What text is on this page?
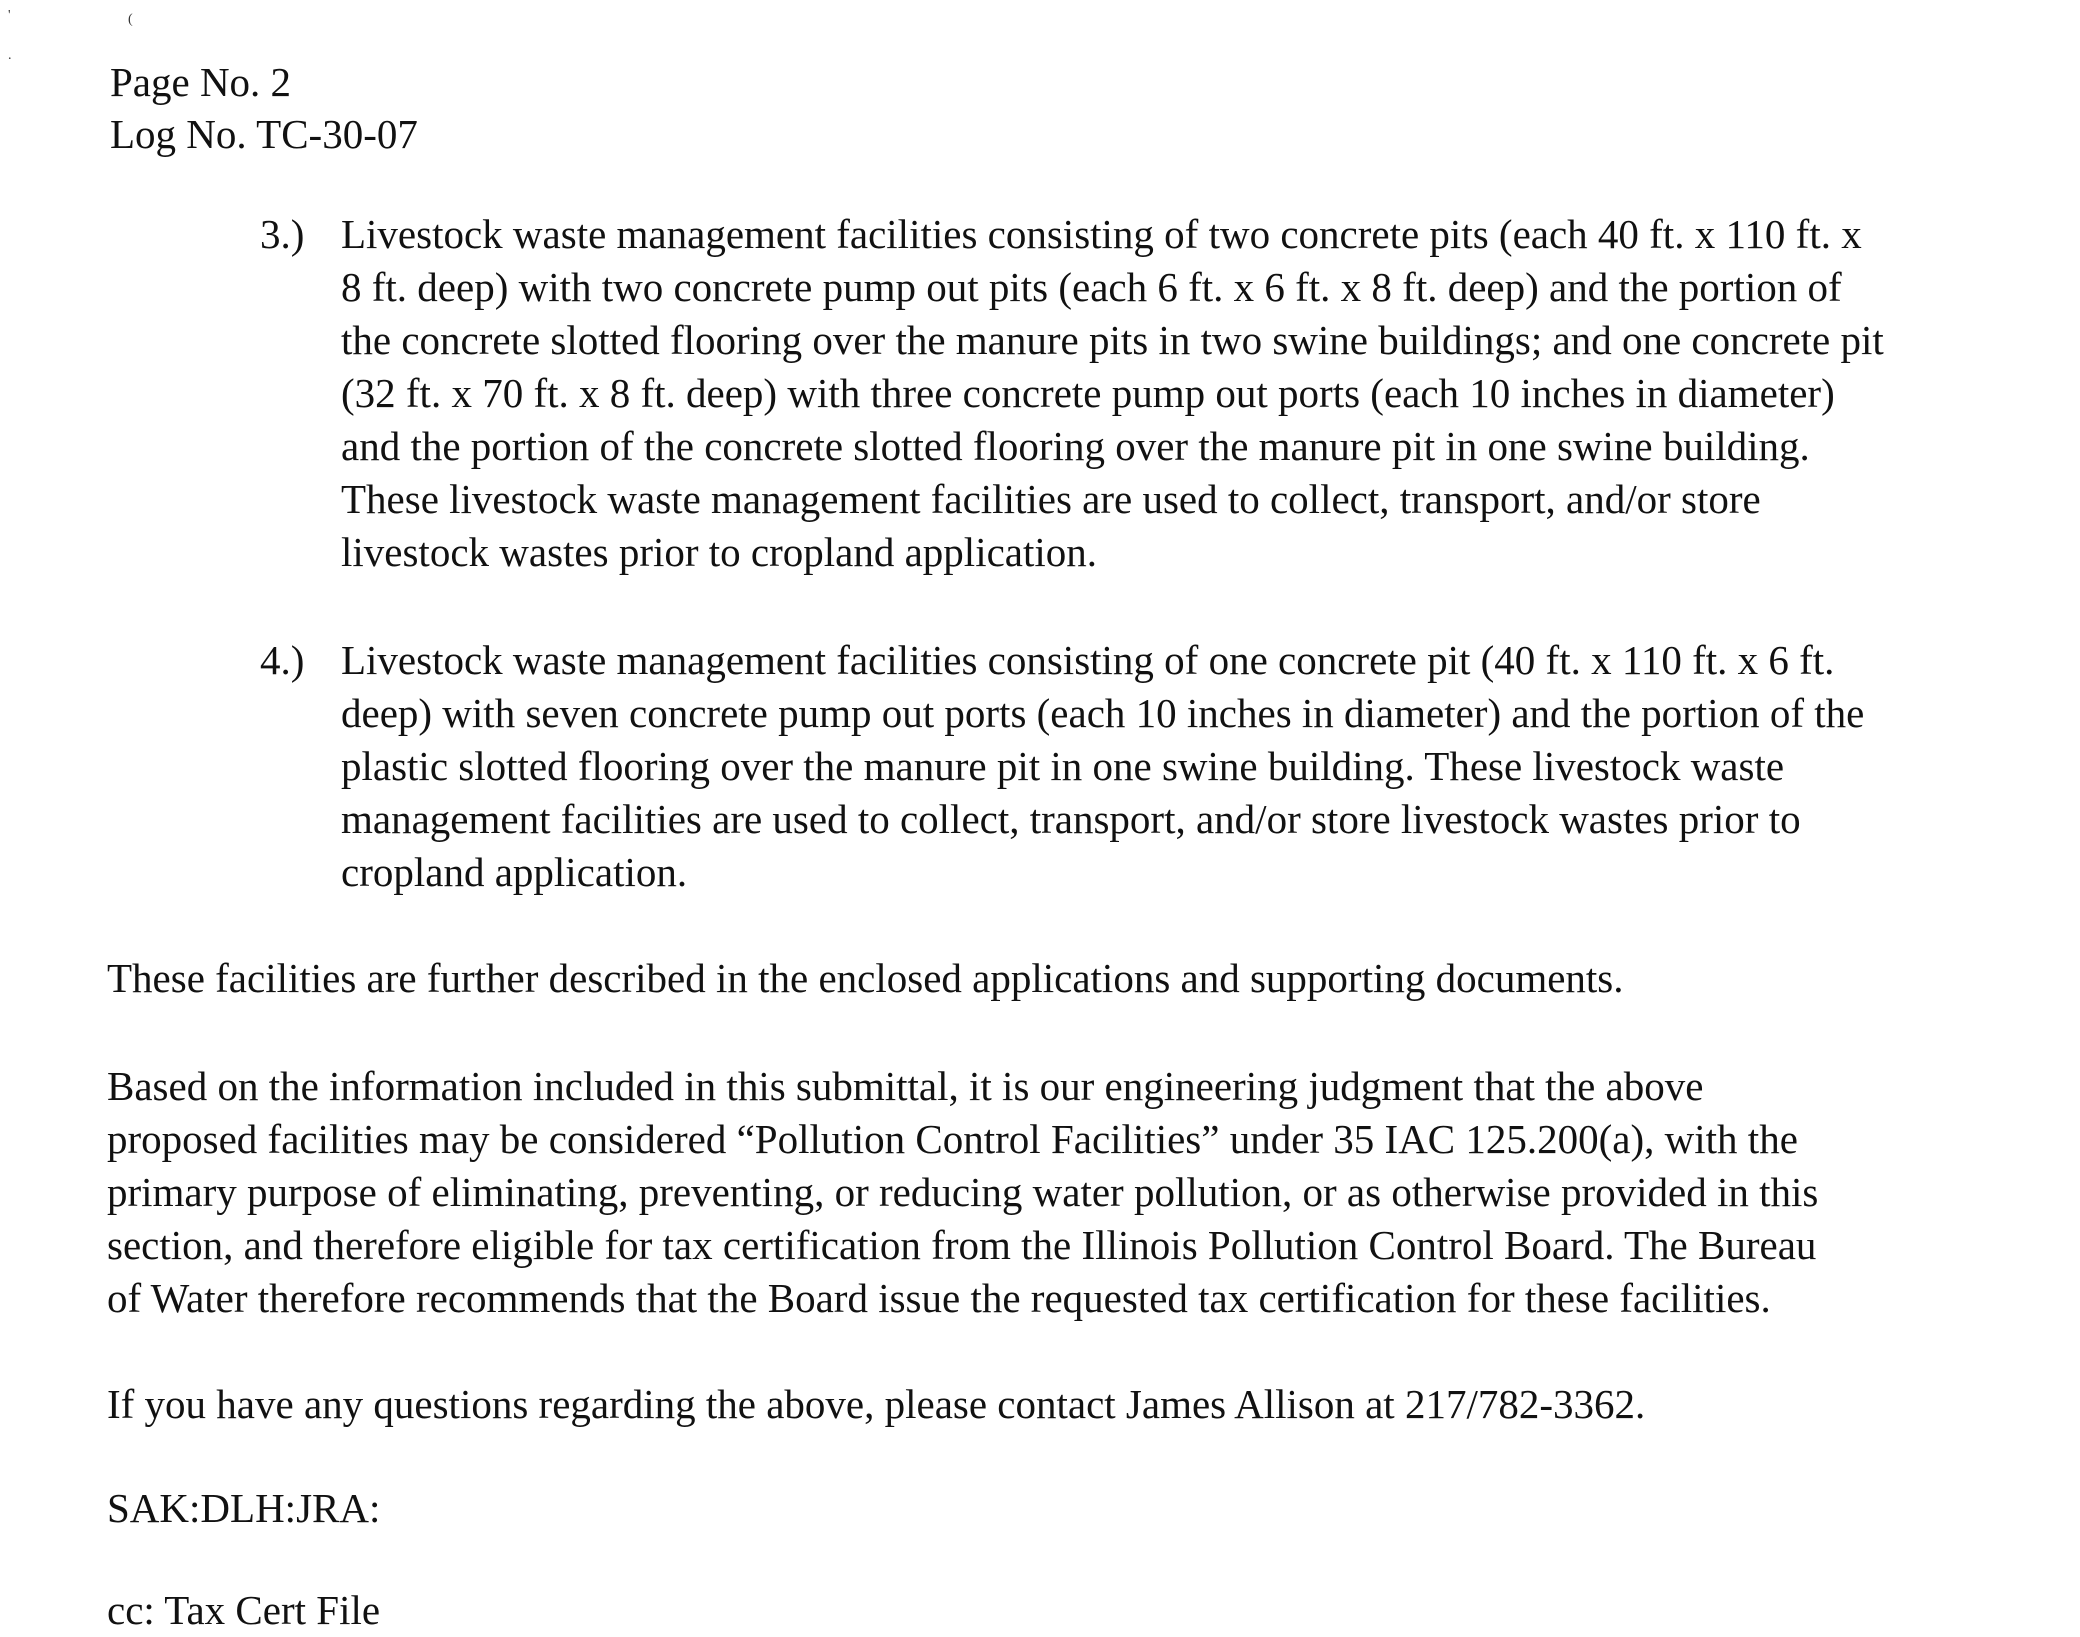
'	(
.
Page No. 2
Log No. TC-30-07
3.) Livestock waste management facilities consisting of two concrete pits (each 40 ft. x 110 ft. x
8 ft. deep) with two concrete pump out pits (each 6 ft. x 6 ft. x 8 ft. deep) and the portion of
the concrete slotted flooring over the manure pits in two swine buildings; and one concrete pit
(32 ft. x 70 ft. x 8 ft. deep) with three concrete pump out ports (each 10 inches in diameter)
and the portion of the concrete slotted flooring over the manure pit in one swine building.
These livestock waste management facilities are used to collect, transport, and/or store
livestock wastes prior to cropland application.
4.) Livestock waste management facilities consisting of one concrete pit (40 ft. x 110 ft. x 6 ft.
deep) with seven concrete pump out ports (each 10 inches in diameter) and the portion of the
plastic slotted flooring over the manure pit in one swine building. These livestock waste
management facilities are used to collect, transport, and/or store livestock wastes prior to
cropland application.
These facilities are further described in the enclosed applications and supporting documents.
Based on the information included in this submittal, it is our engineering judgment that the above
proposed facilities may be considered “Pollution Control Facilities” under 35 IAC 125.200(a), with the
primary purpose of eliminating, preventing, or reducing water pollution, or as otherwise provided in this
section, and therefore eligible for tax certification from the Illinois Pollution Control Board. The Bureau
of Water therefore recommends that the Board issue the requested tax certification for these facilities.
If you have any questions regarding the above, please contact James Allison at 217/782-3362.
SAK:DLH:JRA:
cc: Tax Cert File
